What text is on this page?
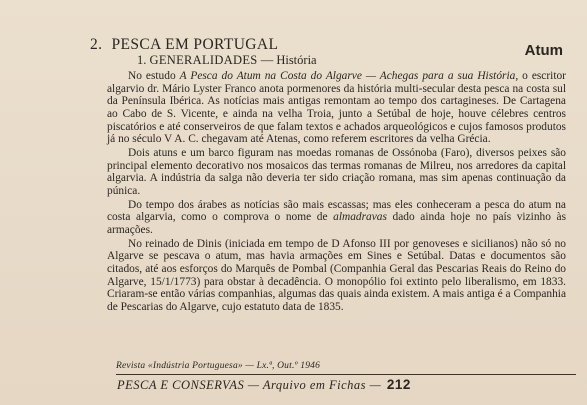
2. PESCA EM PORTUGAL
1. GENERALIDADES — História
Atum

No estudo A Pesca do Atum na Costa do Algarve — Achegas para a sua História, o escritor algarvio dr. Mário Lyster Franco anota pormenores da história multi-secular desta pesca na costa sul da Península Ibérica. As notícias mais antigas remontam ao tempo dos cartagineses. De Cartagena ao Cabo de S. Vicente, e ainda na velha Troia, junto a Setúbal de hoje, houve célebres centros piscatórios e até conserveiros de que falam textos e achados arqueológicos e cujos famosos produtos já no século V A. C. chegavam até Atenas, como referem escritores da velha Grécia.

Dois atuns e um barco figuram nas moedas romanas de Ossónoba (Faro), diversos peixes são principal elemento decorativo nos mosaicos das termas romanas de Milreu, nos arredores da capital algarvia. A indústria da salga não deveria ter sido criação romana, mas sim apenas continuação da púnica.

Do tempo dos árabes as notícias são mais escassas; mas eles conheceram a pesca do atum na costa algarvia, como o comprova o nome de almadravas dado ainda hoje no país vizinho às armações.

No reinado de Dinis (iniciada em tempo de D Afonso III por genoveses e sicilianos) não só no Algarve se pescava o atum, mas havia armações em Sines e Setúbal. Datas e documentos são citados, até aos esforços do Marquês de Pombal (Companhia Geral das Pescarias Reais do Reino do Algarve, 15/1/1773) para obstar à decadência. O monopólio foi extinto pelo liberalismo, em 1833. Criaram-se então várias companhias, algumas das quais ainda existem. A mais antiga é a Companhia de Pescarias do Algarve, cujo estatuto data de 1835.

Revista «Indústria Portuguesa» — Lx.ª, Out.º 1946
PESCA E CONSERVAS — Arquivo em Fichas — 212
